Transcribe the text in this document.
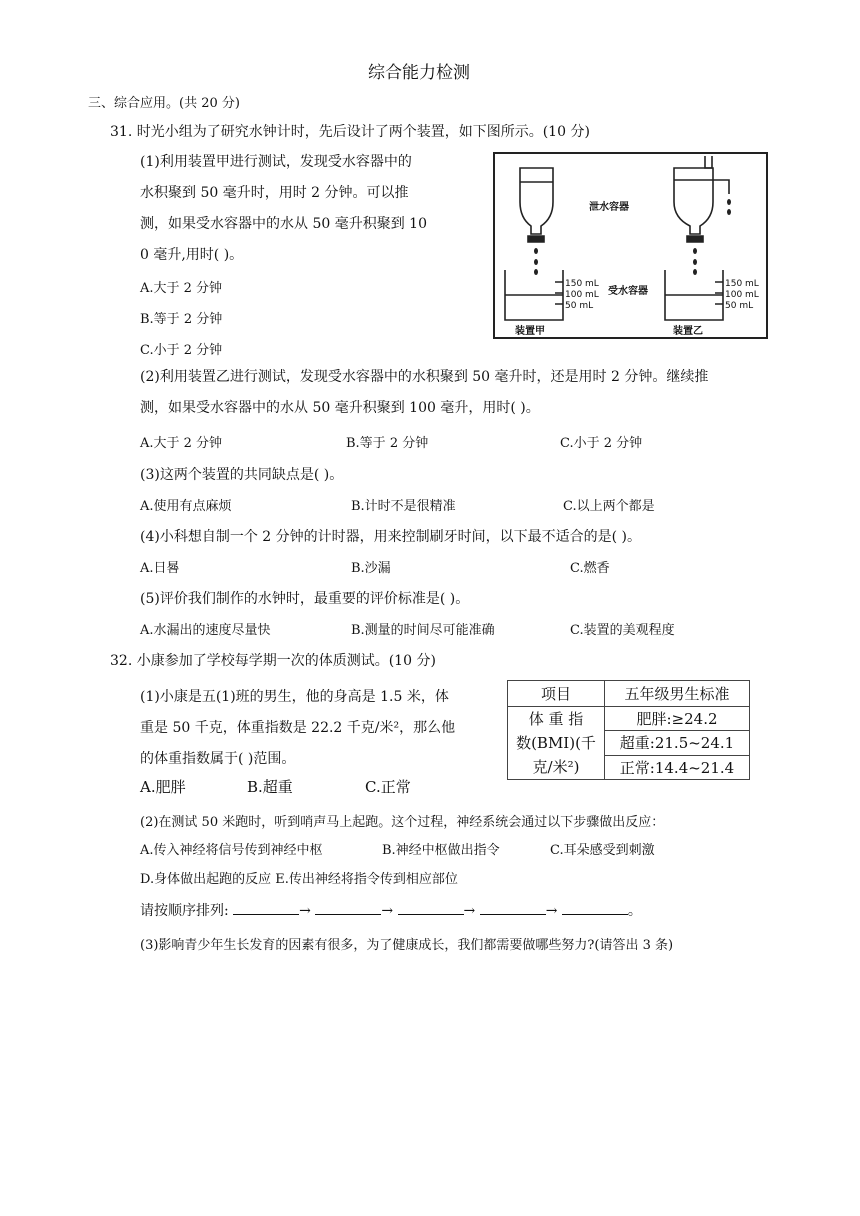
综合能力检测
三、综合应用。(共 20 分)
31. 时光小组为了研究水钟计时，先后设计了两个装置，如下图所示。(10 分)
(1)利用装置甲进行测试，发现受水容器中的
水积聚到 50 毫升时，用时 2 分钟。可以推
测，如果受水容器中的水从 50 毫升积聚到 10
0 毫升,用时( )。
A.大于 2 分钟
B.等于 2 分钟
C.小于 2 分钟
泄水容器
受水容器
装置甲	装置乙
150 mL
100 mL
50 mL
150 mL
100 mL
50 mL
(2)利用装置乙进行测试，发现受水容器中的水积聚到 50 毫升时，还是用时 2 分钟。继续推
测，如果受水容器中的水从 50 毫升积聚到 100 毫升，用时( )。
A.大于 2 分钟	B.等于 2 分钟	C.小于 2 分钟
(3)这两个装置的共同缺点是( )。
A.使用有点麻烦	B.计时不是很精准	C.以上两个都是
(4)小科想自制一个 2 分钟的计时器，用来控制刷牙时间，以下最不适合的是( )。
A.日晷	B.沙漏	C.燃香
(5)评价我们制作的水钟时，最重要的评价标准是( )。
A.水漏出的速度尽量快	B.测量的时间尽可能准确	C.装置的美观程度
32. 小康参加了学校每学期一次的体质测试。(10 分)
(1)小康是五(1)班的男生，他的身高是 1.5 米，体
重是 50 千克，体重指数是 22.2 千克/米²，那么他
的体重指数属于( )范围。
A.肥胖	B.超重	C.正常
项目	五年级男生标准

体 重 指
数(BMI)(千
克/米²)	肥胖:≥24.2
	超重:21.5~24.1
	正常:14.4~21.4
(2)在测试 50 米跑时，听到哨声马上起跑。这个过程，神经系统会通过以下步骤做出反应：
A.传入神经将信号传到神经中枢	B.神经中枢做出指令	C.耳朵感受到刺激
D.身体做出起跑的反应 E.传出神经将指令传到相应部位
请按顺序排列:	→	→	→	→	。
(3)影响青少年生长发育的因素有很多，为了健康成长，我们都需要做哪些努力?(请答出 3 条)
